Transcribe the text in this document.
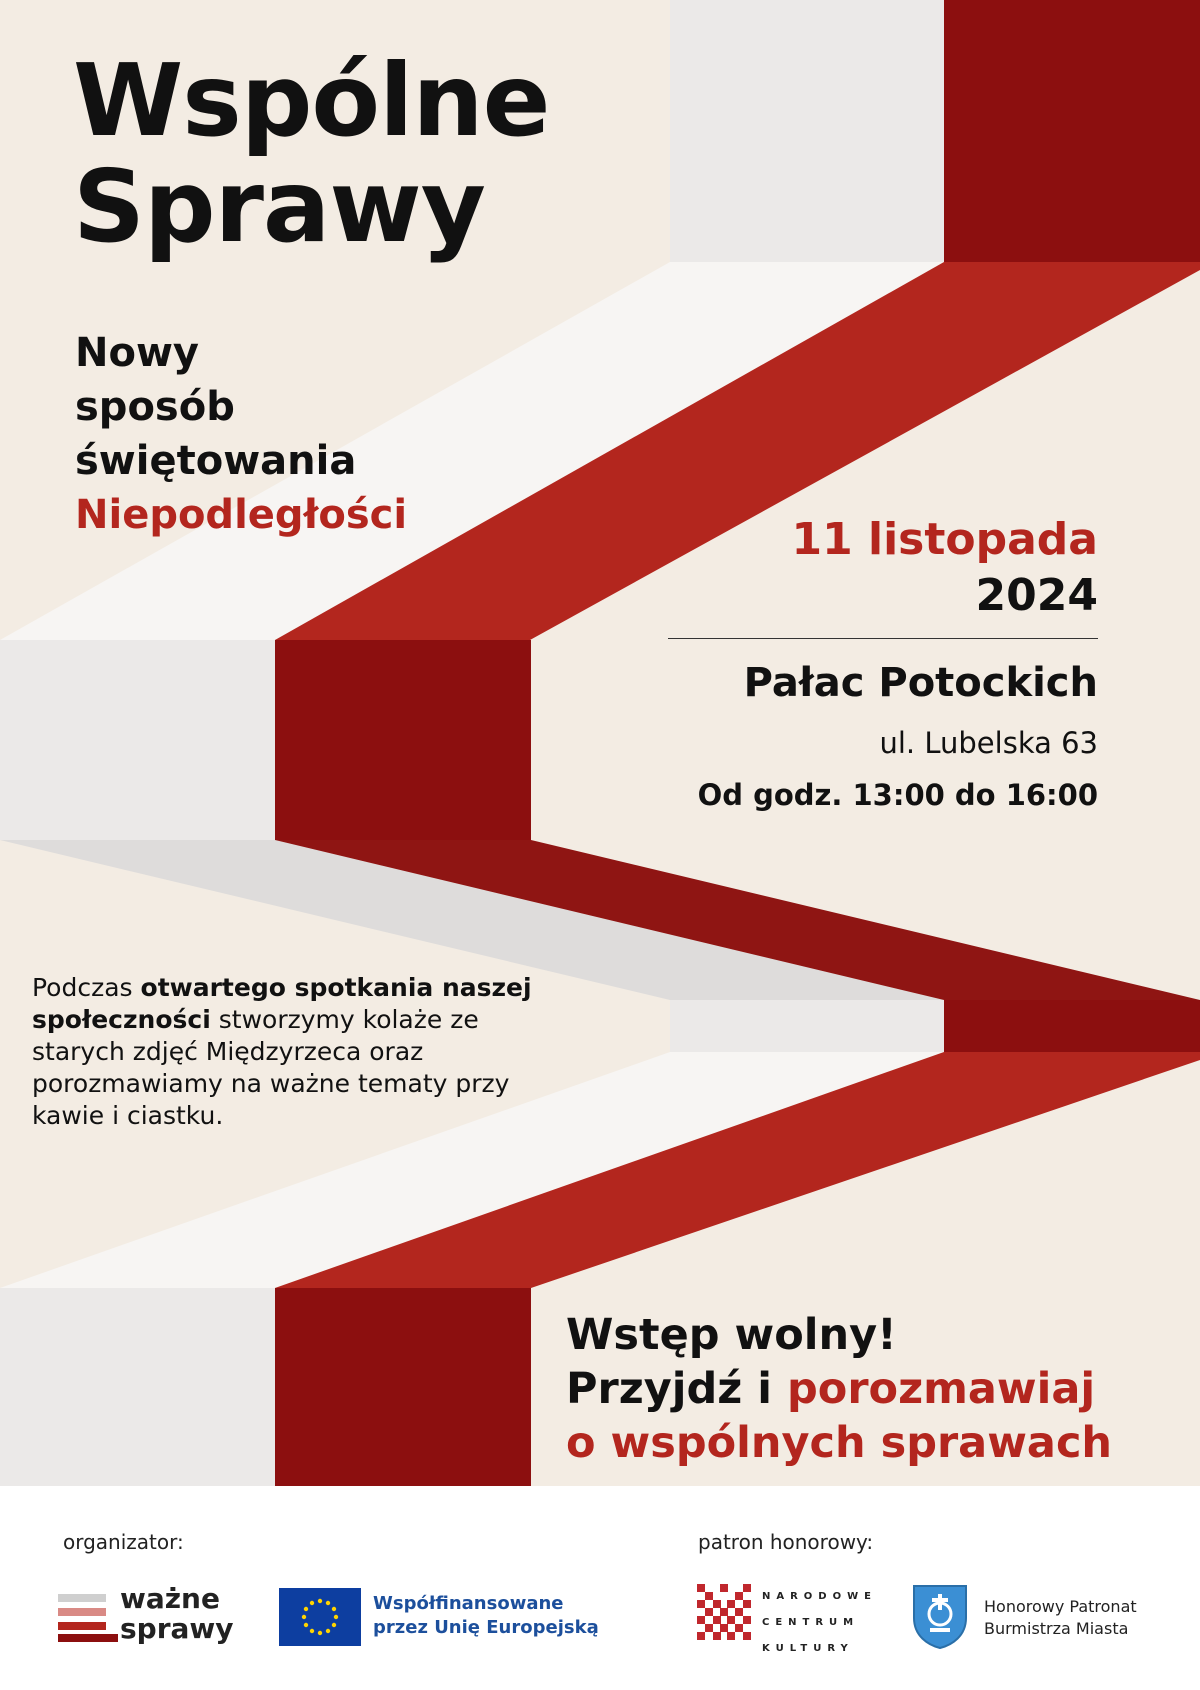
Wspólne
Sprawy
Nowy
sposób
świętowania
Niepodległości	11 listopada
2024
Pałac Potockich
ul. Lubelska 63
Od godz. 13:00 do 16:00
Podczas otwartego spotkania naszej społeczności stworzymy kolaże ze starych zdjęć Międzyrzeca oraz porozmawiamy na ważne tematy przy kawie i ciastku.
Wstęp wolny!
Przyjdź i porozmawiaj
o wspólnych sprawach
organizator:	patron honorowy:
ważne
sprawy
Współfinansowane przez Unię Europejską
NARODOWE
CENTRUM
KULTURY
Honorowy Patronat
Burmistrza Miasta
